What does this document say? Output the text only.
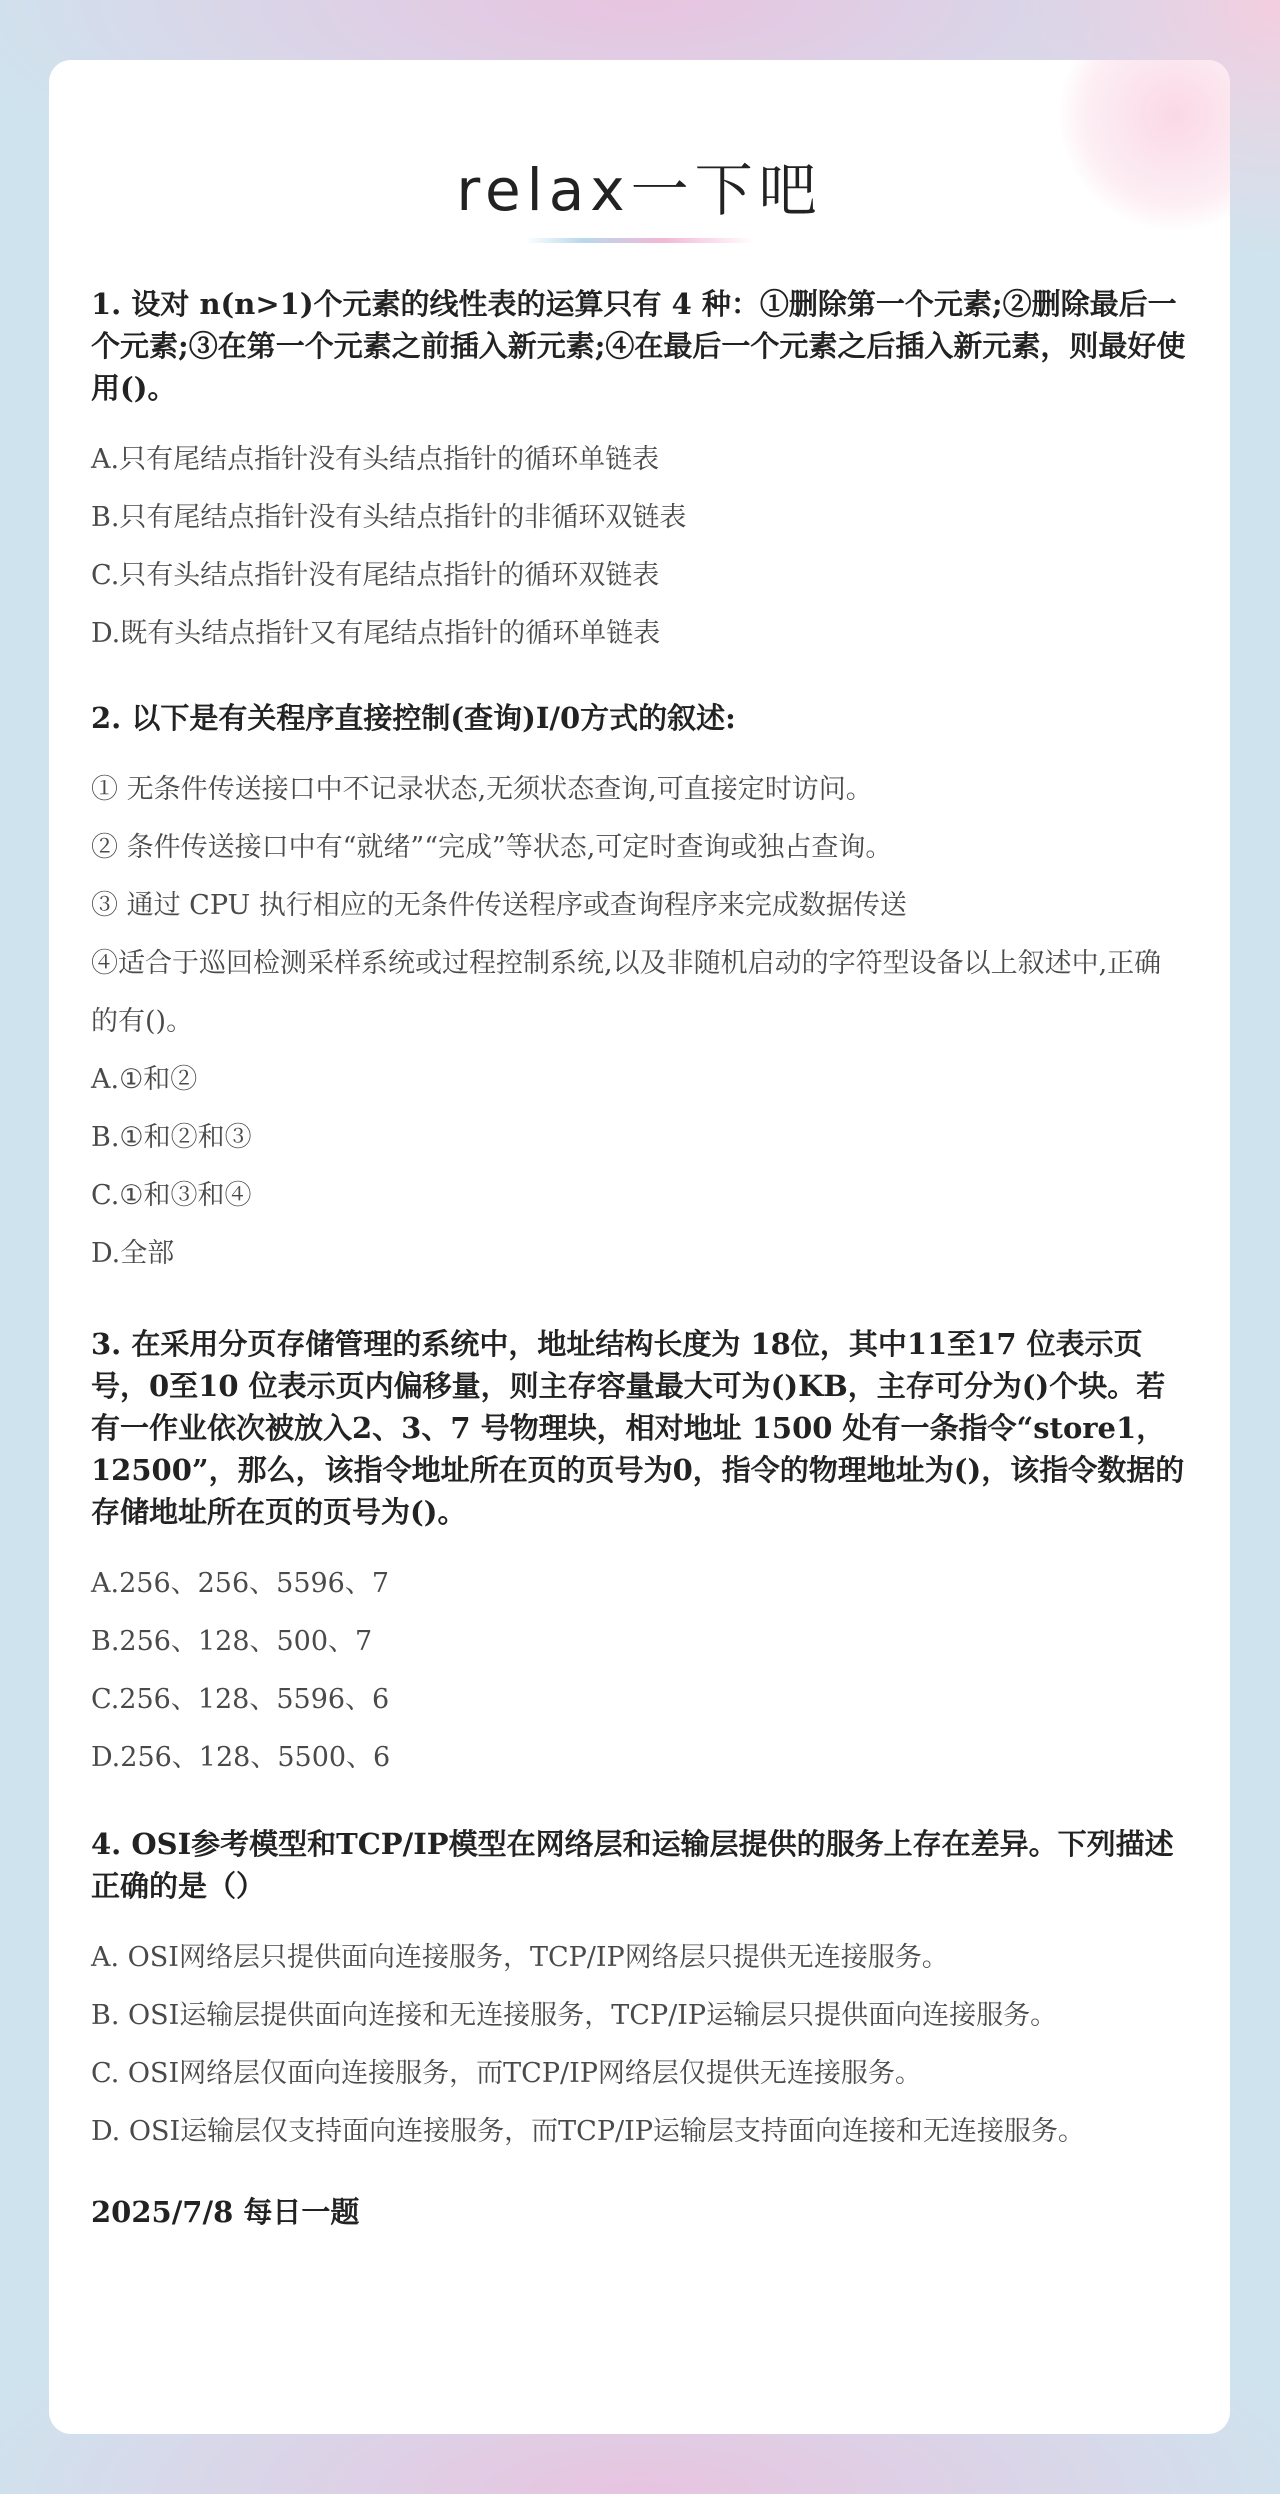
relax一下吧
1. 设对 n(n>1)个元素的线性表的运算只有 4 种：①删除第一个元素;②删除最后一个元素;③在第一个元素之前插入新元素;④在最后一个元素之后插入新元素，则最好使用()。
A.只有尾结点指针没有头结点指针的循环单链表
B.只有尾结点指针没有头结点指针的非循环双链表
C.只有头结点指针没有尾结点指针的循环双链表
D.既有头结点指针又有尾结点指针的循环单链表
2. 以下是有关程序直接控制(查询)I/0方式的叙述:
① 无条件传送接口中不记录状态,无须状态查询,可直接定时访问。
② 条件传送接口中有“就绪”“完成”等状态,可定时查询或独占查询。
③ 通过 CPU 执行相应的无条件传送程序或查询程序来完成数据传送
④适合于巡回检测采样系统或过程控制系统,以及非随机启动的字符型设备以上叙述中,正确的有()。
A.①和②
B.①和②和③
C.①和③和④
D.全部
3. 在采用分页存储管理的系统中，地址结构长度为 18位，其中11至17 位表示页号，0至10 位表示页内偏移量，则主存容量最大可为()KB，主存可分为()个块。若有一作业依次被放入2、3、7 号物理块，相对地址 1500 处有一条指令“store1， 12500”，那么，该指令地址所在页的页号为0，指令的物理地址为()，该指令数据的存储地址所在页的页号为()。
A.256、256、5596、7
B.256、128、500、7
C.256、128、5596、6
D.256、128、5500、6
4. OSI参考模型和TCP/IP模型在网络层和运输层提供的服务上存在差异。下列描述正确的是（）
A. OSI网络层只提供面向连接服务，TCP/IP网络层只提供无连接服务。
B. OSI运输层提供面向连接和无连接服务，TCP/IP运输层只提供面向连接服务。
C. OSI网络层仅面向连接服务，而TCP/IP网络层仅提供无连接服务。
D. OSI运输层仅支持面向连接服务，而TCP/IP运输层支持面向连接和无连接服务。
2025/7/8 每日一题
